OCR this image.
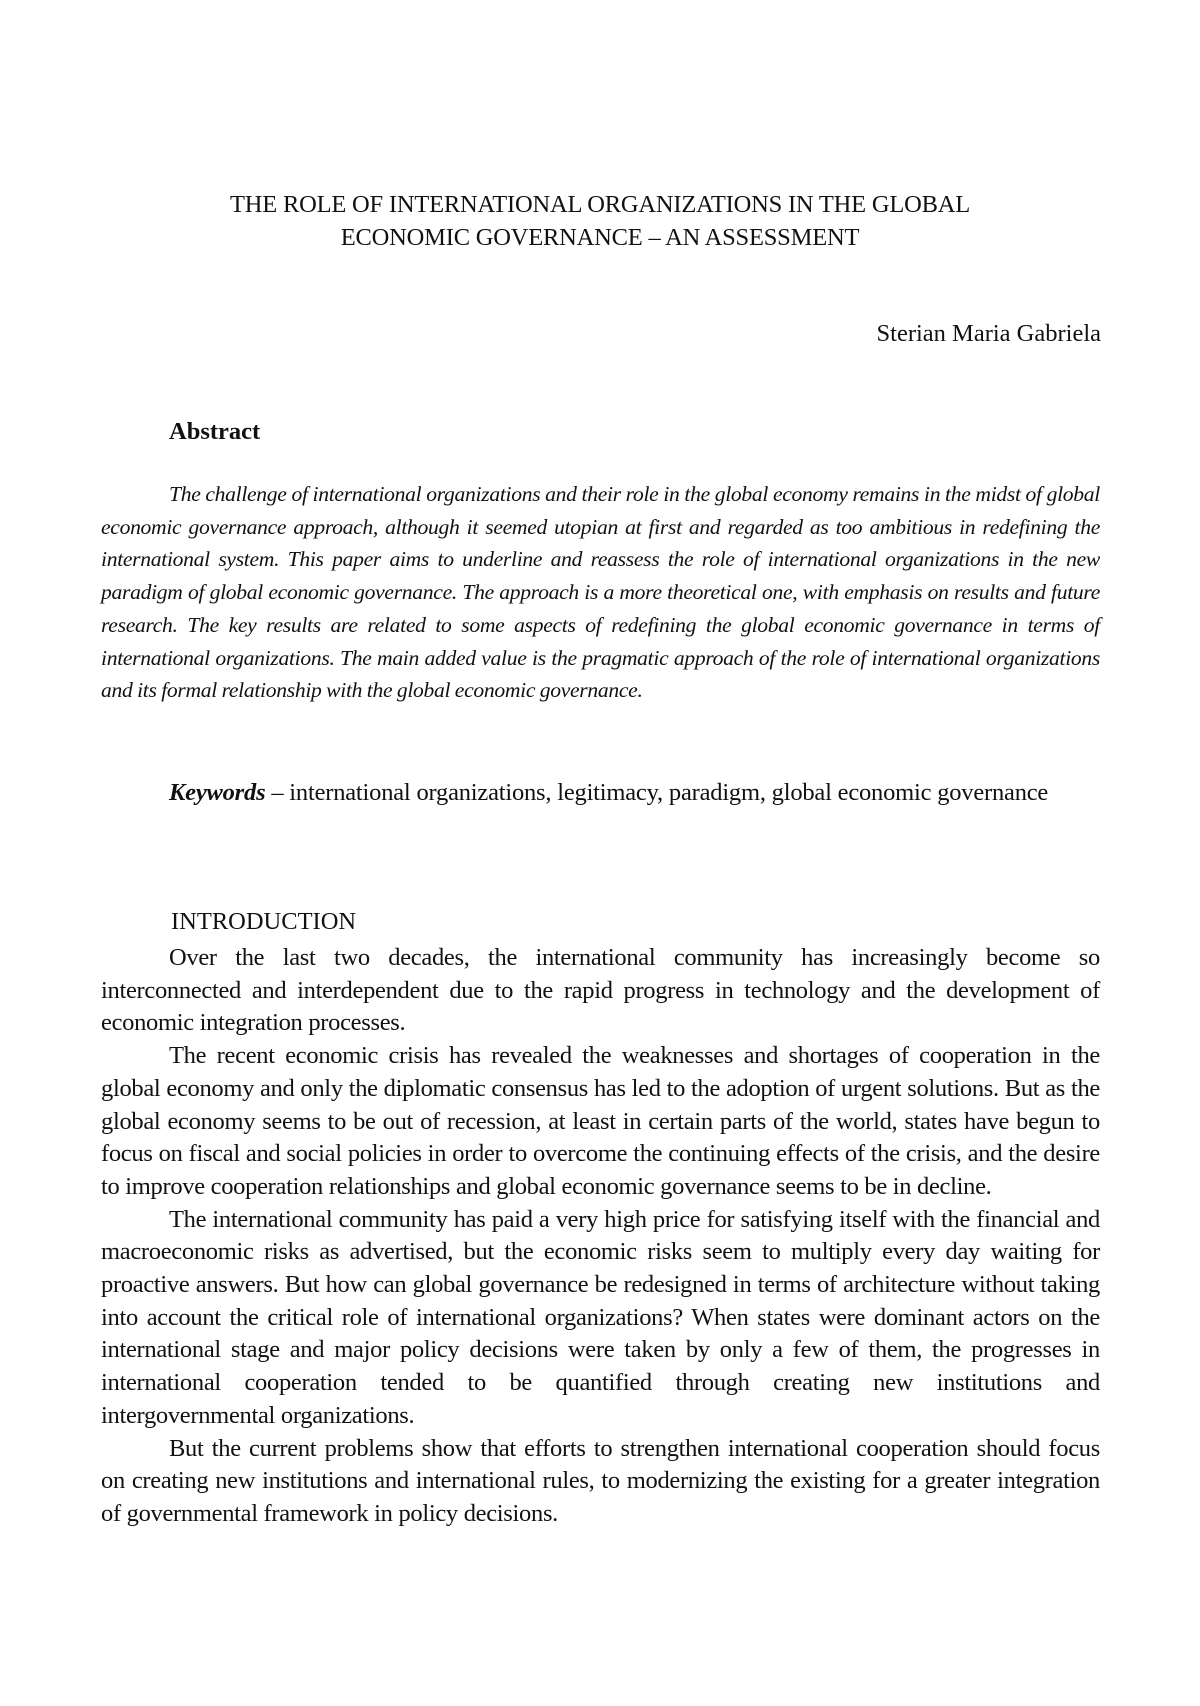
THE ROLE OF INTERNATIONAL ORGANIZATIONS IN THE GLOBAL
ECONOMIC GOVERNANCE – AN ASSESSMENT

Sterian Maria Gabriela

Abstract

The challenge of international organizations and their role in the global economy remains in the midst of global economic governance approach, although it seemed utopian at first and regarded as too ambitious in redefining the international system. This paper aims to underline and reassess the role of international organizations in the new paradigm of global economic governance. The approach is a more theoretical one, with emphasis on results and future research. The key results are related to some aspects of redefining the global economic governance in terms of international organizations. The main added value is the pragmatic approach of the role of international organizations and its formal relationship with the global economic governance.

Keywords – international organizations, legitimacy, paradigm, global economic governance

INTRODUCTION

Over the last two decades, the international community has increasingly become so interconnected and interdependent due to the rapid progress in technology and the development of economic integration processes.

The recent economic crisis has revealed the weaknesses and shortages of cooperation in the global economy and only the diplomatic consensus has led to the adoption of urgent solutions. But as the global economy seems to be out of recession, at least in certain parts of the world, states have begun to focus on fiscal and social policies in order to overcome the continuing effects of the crisis, and the desire to improve cooperation relationships and global economic governance seems to be in decline.

The international community has paid a very high price for satisfying itself with the financial and macroeconomic risks as advertised, but the economic risks seem to multiply every day waiting for proactive answers. But how can global governance be redesigned in terms of architecture without taking into account the critical role of international organizations? When states were dominant actors on the international stage and major policy decisions were taken by only a few of them, the progresses in international cooperation tended to be quantified through creating new institutions and intergovernmental organizations.

But the current problems show that efforts to strengthen international cooperation should focus on creating new institutions and international rules, to modernizing the existing for a greater integration of governmental framework in policy decisions.
